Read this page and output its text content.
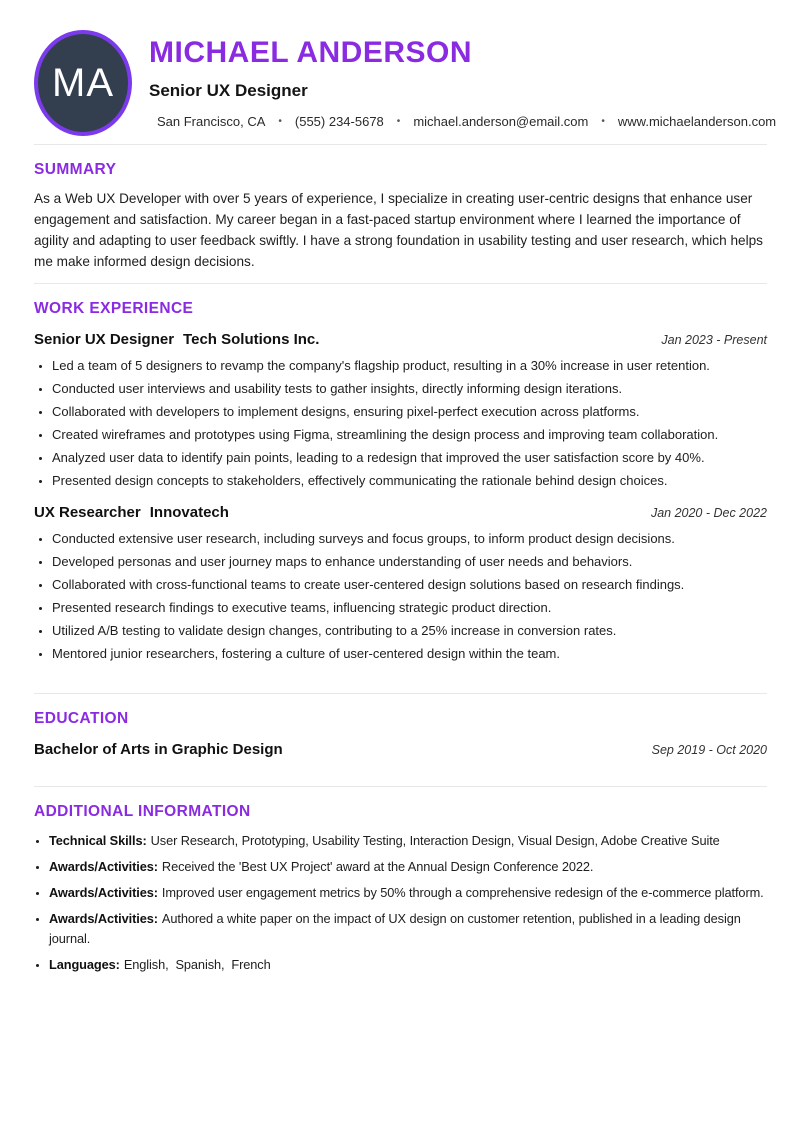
MA
MICHAEL ANDERSON
Senior UX Designer
San Francisco, CA • (555) 234-5678 • michael.anderson@email.com • www.michaelanderson.com
SUMMARY

As a Web UX Developer with over 5 years of experience, I specialize in creating user-centric designs that enhance user engagement and satisfaction. My career began in a fast-paced startup environment where I learned the importance of agility and adapting to user feedback swiftly. I have a strong foundation in usability testing and user research, which helps me make informed design decisions.

WORK EXPERIENCE
Senior UX Designer Tech Solutions Inc.	Jan 2023 - Present
• Led a team of 5 designers to revamp the company's flagship product, resulting in a 30% increase in user retention.
• Conducted user interviews and usability tests to gather insights, directly informing design iterations.
• Collaborated with developers to implement designs, ensuring pixel-perfect execution across platforms.
• Created wireframes and prototypes using Figma, streamlining the design process and improving team collaboration.
• Analyzed user data to identify pain points, leading to a redesign that improved the user satisfaction score by 40%.
• Presented design concepts to stakeholders, effectively communicating the rationale behind design choices.
UX Researcher Innovatech	Jan 2020 - Dec 2022
• Conducted extensive user research, including surveys and focus groups, to inform product design decisions.
• Developed personas and user journey maps to enhance understanding of user needs and behaviors.
• Collaborated with cross-functional teams to create user-centered design solutions based on research findings.
• Presented research findings to executive teams, influencing strategic product direction.
• Utilized A/B testing to validate design changes, contributing to a 25% increase in conversion rates.
• Mentored junior researchers, fostering a culture of user-centered design within the team.
EDUCATION
Bachelor of Arts in Graphic Design	Sep 2019 - Oct 2020
ADDITIONAL INFORMATION
• Technical Skills: User Research, Prototyping, Usability Testing, Interaction Design, Visual Design, Adobe Creative Suite
• Awards/Activities: Received the 'Best UX Project' award at the Annual Design Conference 2022.
• Awards/Activities: Improved user engagement metrics by 50% through a comprehensive redesign of the e-commerce platform.
• Awards/Activities: Authored a white paper on the impact of UX design on customer retention, published in a leading design journal.
• Languages: English,  Spanish,  French
